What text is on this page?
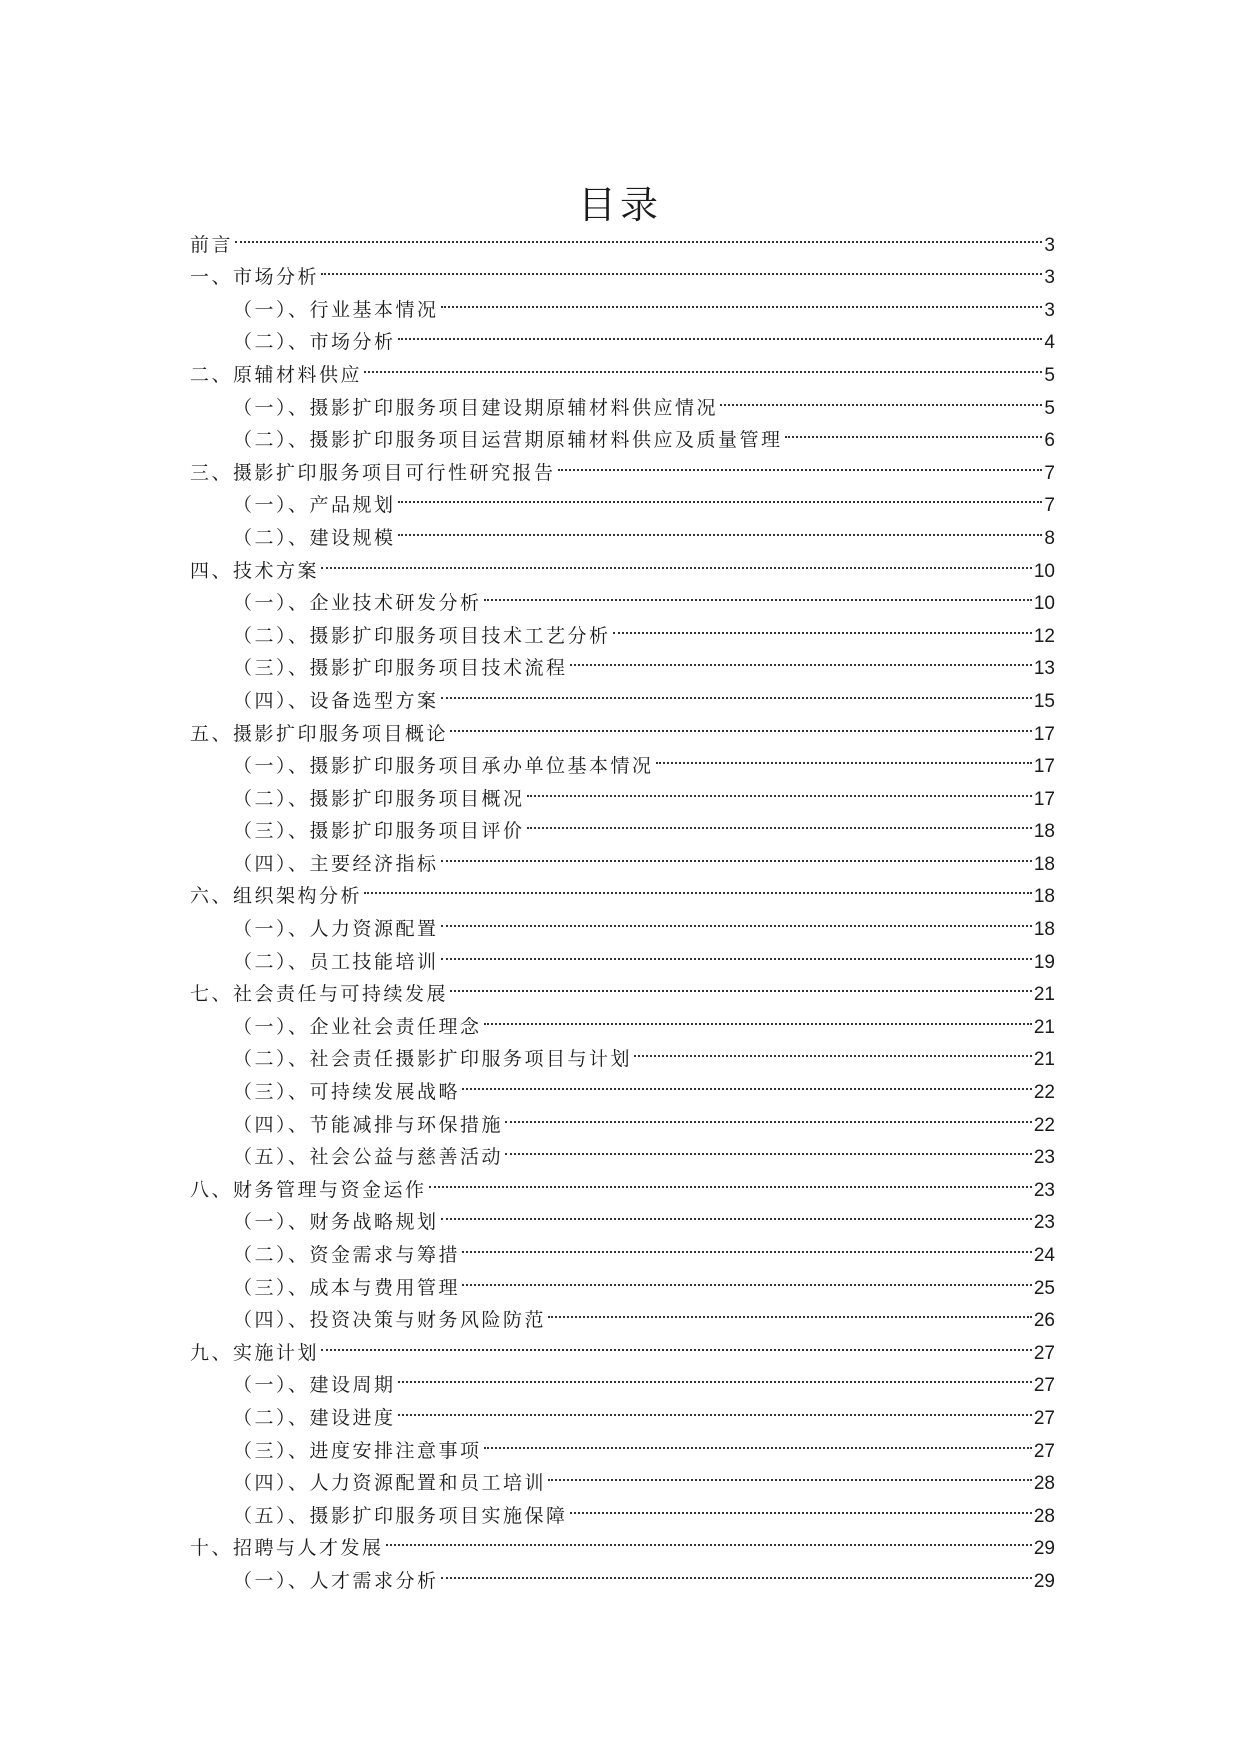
目录
前言	3
一、市场分析	3
（一）、行业基本情况	3
（二）、市场分析	4
二、原辅材料供应	5
（一）、摄影扩印服务项目建设期原辅材料供应情况	5
（二）、摄影扩印服务项目运营期原辅材料供应及质量管理	6
三、摄影扩印服务项目可行性研究报告	7
（一）、产品规划	7
（二）、建设规模	8
四、技术方案	10
（一）、企业技术研发分析	10
（二）、摄影扩印服务项目技术工艺分析	12
（三）、摄影扩印服务项目技术流程	13
（四）、设备选型方案	15
五、摄影扩印服务项目概论	17
（一）、摄影扩印服务项目承办单位基本情况	17
（二）、摄影扩印服务项目概况	17
（三）、摄影扩印服务项目评价	18
（四）、主要经济指标	18
六、组织架构分析	18
（一）、人力资源配置	18
（二）、员工技能培训	19
七、社会责任与可持续发展	21
（一）、企业社会责任理念	21
（二）、社会责任摄影扩印服务项目与计划	21
（三）、可持续发展战略	22
（四）、节能减排与环保措施	22
（五）、社会公益与慈善活动	23
八、财务管理与资金运作	23
（一）、财务战略规划	23
（二）、资金需求与筹措	24
（三）、成本与费用管理	25
（四）、投资决策与财务风险防范	26
九、实施计划	27
（一）、建设周期	27
（二）、建设进度	27
（三）、进度安排注意事项	27
（四）、人力资源配置和员工培训	28
（五）、摄影扩印服务项目实施保障	28
十、招聘与人才发展	29
（一）、人才需求分析	29
